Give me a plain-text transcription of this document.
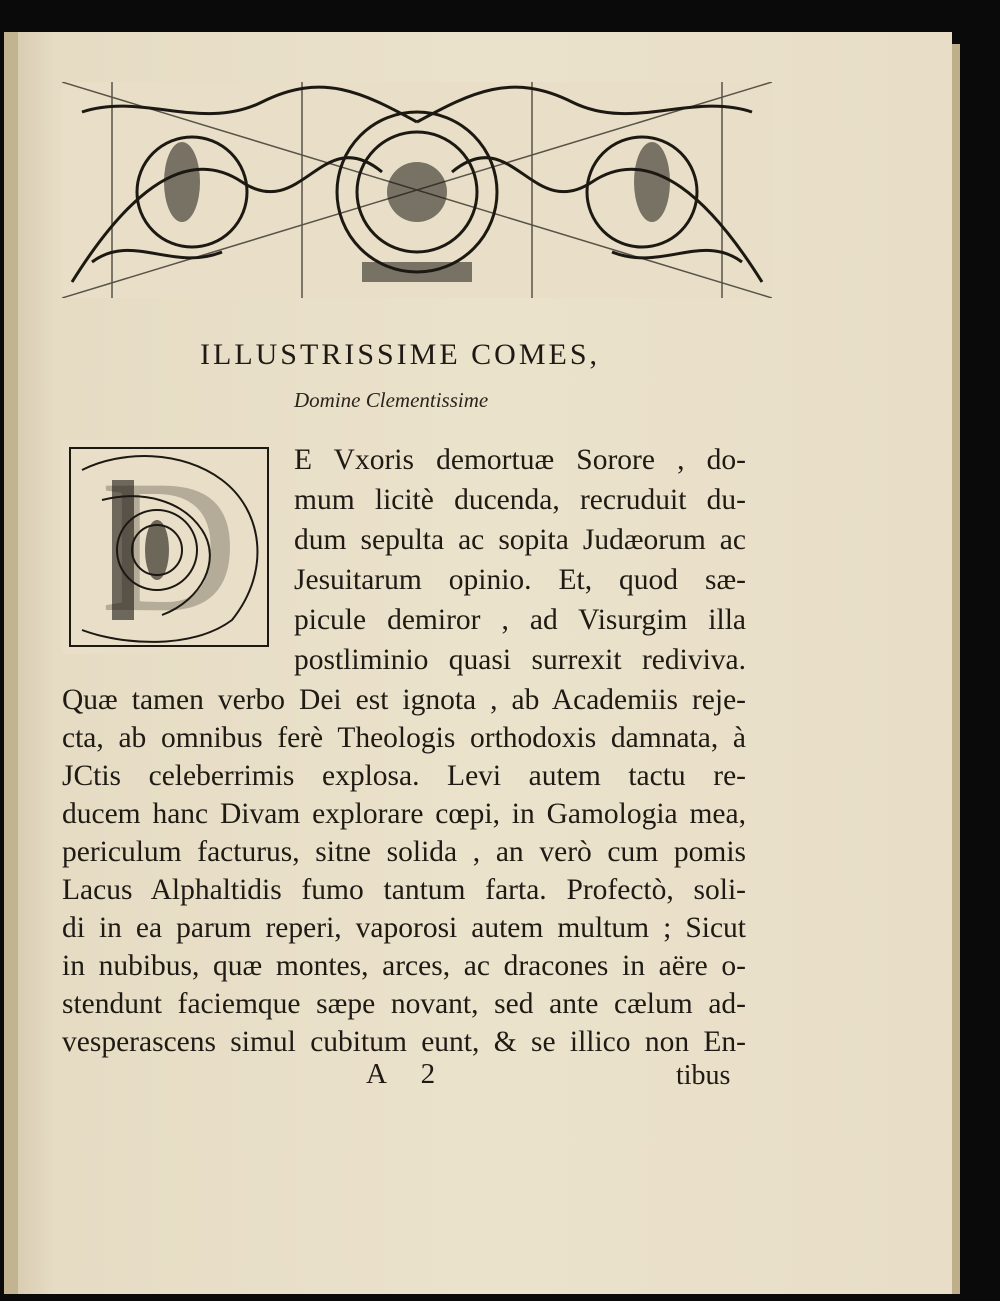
ILLUSTRISSIME COMES,
Domine Clementissime
D E Vxoris demortuæ Sorore , do-
mum licitè ducenda, recruduit du-
dum sepulta ac sopita Judæorum ac
Jesuitarum opinio. Et, quod sæ-
picule demiror , ad Visurgim illa
postliminio quasi surrexit rediviva.
Quæ tamen verbo Dei est ignota , ab Academiis reje-
cta, ab omnibus ferè Theologis orthodoxis damnata, à
JCtis celeberrimis explosa. Levi autem tactu re-
ducem hanc Divam explorare cœpi, in Gamologia mea,
periculum facturus, sitne solida , an verò cum pomis
Lacus Alphaltidis fumo tantum farta. Profectò, soli-
di in ea parum reperi, vaporosi autem multum ; Sicut
in nubibus, quæ montes, arces, ac dracones in aëre o-
stendunt faciemque sæpe novant, sed ante cælum ad-
vesperascens simul cubitum eunt, & se illico non En-
A 2	tibus
